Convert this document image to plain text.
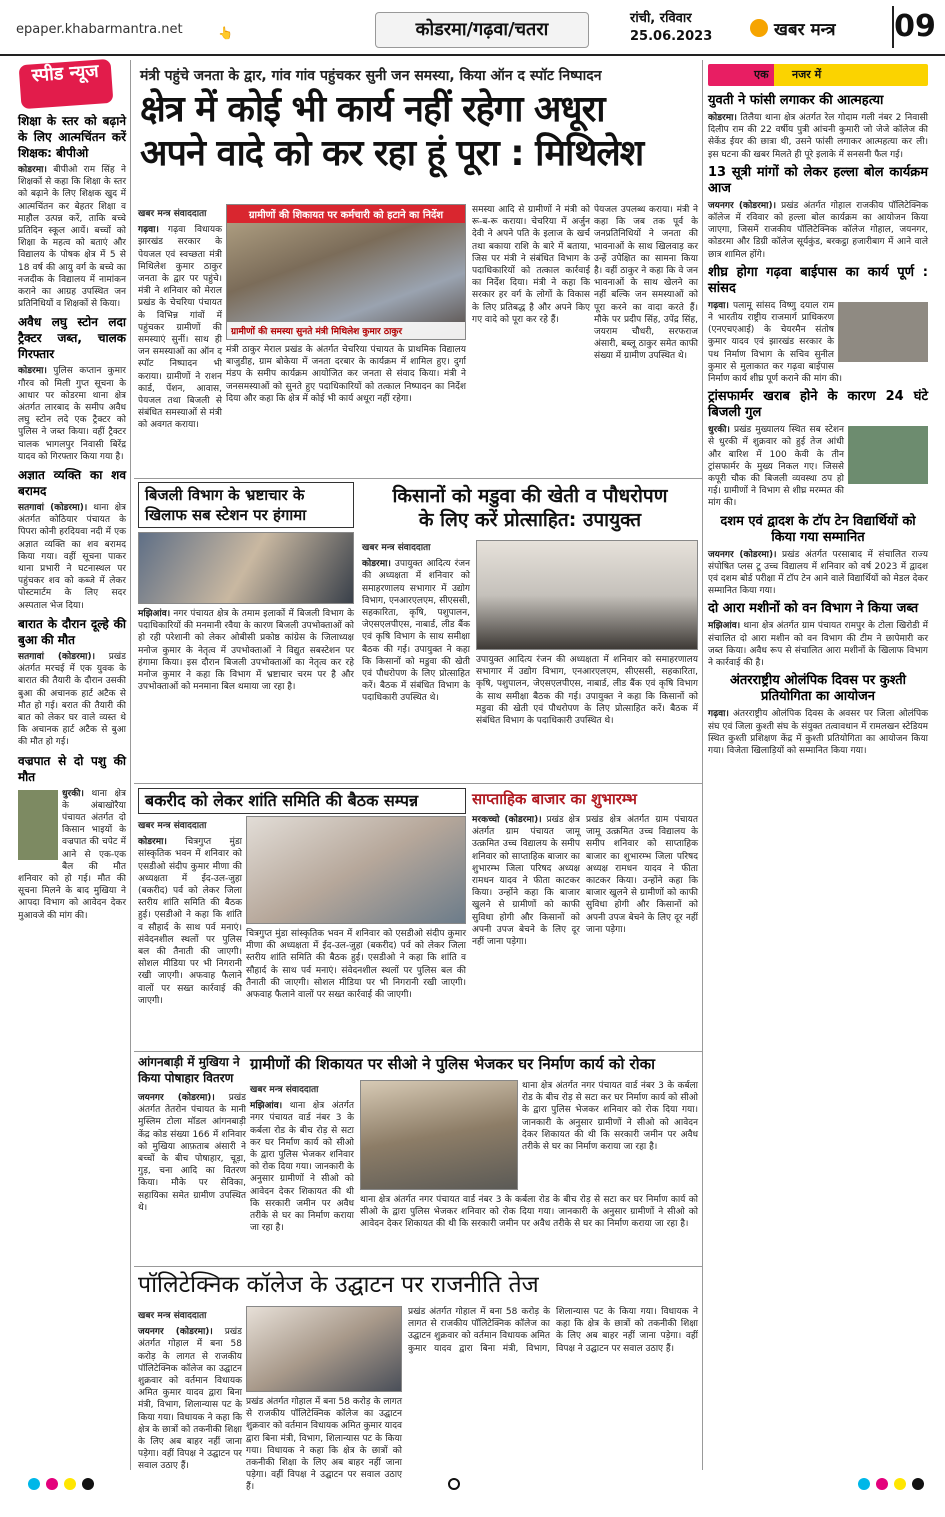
epaper.khabarmantra.net	👆	कोडरमा/गढ़वा/चतरा
रांची, रविवार
25.06.2023	खबर मन्त्र 09
स्पीड न्यूज
शिक्षा के स्तर को बढ़ाने के लिए आत्मचिंतन करें शिक्षक: बीपीओ
कोडरमा। बीपीओ राम सिंह ने शिक्षकों से कहा कि शिक्षा के स्तर को बढ़ाने के लिए शिक्षक खुद में आत्मचिंतन कर बेहतर शिक्षा व माहौल उत्पन्न करें, ताकि बच्चे प्रतिदिन स्कूल आयें। बच्चों को शिक्षा के महत्व को बताएं और विद्यालय के पोषक क्षेत्र में 5 से 18 वर्ष की आयु वर्ग के बच्चे का नजदीक के विद्यालय में नामांकन कराने का आग्रह उपस्थित जन प्रतिनिधियों व शिक्षकों से किया।
अवैध लघु स्टोन लदा ट्रैक्टर जब्त, चालक गिरफ्तार
कोडरमा। पुलिस कप्तान कुमार गौरव को मिली गुप्त सूचना के आधार पर कोडरमा थाना क्षेत्र अंतर्गत लारबाद के समीप अवैध लघु स्टोन लदे एक ट्रैक्टर को पुलिस ने जब्त किया। वहीं ट्रैक्टर चालक भागलपुर निवासी बिरेंद्र यादव को गिरफ्तार किया गया है।
अज्ञात व्यक्ति का शव बरामद
सतगावां (कोडरमा)। थाना क्षेत्र अंतर्गत कोठियार पंचायत के पिपरा कोनी हरदियवा नदी में एक अज्ञात व्यक्ति का शव बरामद किया गया। वहीं सूचना पाकर थाना प्रभारी ने घटनास्थल पर पहुंचकर शव को कब्जे में लेकर पोस्टमार्टम के लिए सदर अस्पताल भेज दिया।
बारात के दौरान दूल्हे की बुआ की मौत
सतगावां (कोडरमा)। प्रखंड अंतर्गत मरचई में एक युवक के बारात की तैयारी के दौरान उसकी बुआ की अचानक हार्ट अटैक से मौत हो गई। बरात की तैयारी की बात को लेकर घर वाले व्यस्त थे कि अचानक हार्ट अटैक से बुआ की मौत हो गई।
वज्रपात से दो पशु की मौत
धुरकी। थाना क्षेत्र के अंबाखोरैया पंचायत अंतर्गत दो किसान भाइयों के वज्रपात की चपेट में आने से एक-एक बैल की मौत शनिवार को हो गई। मौत की सूचना मिलने के बाद मुखिया ने आपदा विभाग को आवेदन देकर मुआवजे की मांग की।
मंत्री पहुंचे जनता के द्वार, गांव गांव पहुंचकर सुनी जन समस्या, किया ऑन द स्पॉट निष्पादन
क्षेत्र में कोई भी कार्य नहीं रहेगा अधूरा
अपने वादे को कर रहा हूं पूरा : मिथिलेश
खबर मन्त्र संवाददाता
गढ़वा। गढ़वा विधायक झारखंड सरकार के पेयजल एवं स्वच्छता मंत्री मिथिलेश कुमार ठाकुर जनता के द्वार पर पहुंचे। मंत्री ने शनिवार को मेराल प्रखंड के चेचरिया पंचायत के विभिन्न गांवों में पहुंचकर ग्रामीणों की समस्याएं सुनीं। साथ ही जन समस्याओं का ऑन द स्पॉट निष्पादन भी कराया। ग्रामीणों ने राशन कार्ड, पेंशन, आवास, पेयजल तथा बिजली से संबंधित समस्याओं से मंत्री को अवगत कराया।
ग्रामीणों की शिकायत पर कर्मचारी को हटाने का निर्देश
ग्रामीणों की समस्या सुनते मंत्री मिथिलेश कुमार ठाकुर
मंत्री ठाकुर मेराल प्रखंड के अंतर्गत चेचरिया पंचायत के प्राथमिक विद्यालय बाजुडीह, ग्राम बोकेया में जनता दरबार के कार्यक्रम में शामिल हुए। दुर्गा मंडप के समीप कार्यक्रम आयोजित कर जनता से संवाद किया। मंत्री ने जनसमस्याओं को सुनते हुए पदाधिकारियों को तत्काल निष्पादन का निर्देश दिया और कहा कि क्षेत्र में कोई भी कार्य अधूरा नहीं रहेगा।
समस्या आदि से ग्रामीणों ने मंत्री को रू-ब-रू कराया। चेचरिया में अर्जुन देवी ने अपने पति के इलाज के खर्च तथा बकाया राशि के बारे में बताया, जिस पर मंत्री ने संबंधित विभाग के पदाधिकारियों को तत्काल कार्रवाई का निर्देश दिया। मंत्री ने कहा कि सरकार हर वर्ग के लोगों के विकास के लिए प्रतिबद्ध है और अपने किए गए वादे को पूरा कर रहे हैं।
पेयजल उपलब्ध कराया। मंत्री ने कहा कि जब तक पूर्व के जनप्रतिनिधियों ने जनता की भावनाओं के साथ खिलवाड़ कर उन्हें उपेक्षित का सामना किया है। वहीं ठाकुर ने कहा कि वे जन भावनाओं के साथ खेलने का नहीं बल्कि जन समस्याओं को पूरा करने का वादा करते हैं। मौके पर प्रदीप सिंह, उपेंद्र सिंह, जयराम चौधरी, सरफराज अंसारी, बब्लू ठाकुर समेत काफी संख्या में ग्रामीण उपस्थित थे।
बिजली विभाग के भ्रष्टाचार के खिलाफ सब स्टेशन पर हंगामा
मझिआंव। नगर पंचायत क्षेत्र के तमाम इलाकों में बिजली विभाग के पदाधिकारियों की मनमानी रवैया के कारण बिजली उपभोक्ताओं को हो रही परेशानी को लेकर ओबीसी प्रकोष्ठ कांग्रेस के जिलाध्यक्ष मनोज कुमार के नेतृत्व में उपभोक्ताओं ने विद्युत सबस्टेशन पर हंगामा किया। इस दौरान बिजली उपभोक्ताओं का नेतृत्व कर रहे मनोज कुमार ने कहा कि विभाग में भ्रष्टाचार चरम पर है और उपभोक्ताओं को मनमाना बिल थमाया जा रहा है।
किसानों को मडुवा की खेती व पौधरोपण
के लिए करें प्रोत्साहित: उपायुक्त
खबर मन्त्र संवाददाता
कोडरमा। उपायुक्त आदित्य रंजन की अध्यक्षता में शनिवार को समाहरणालय सभागार में उद्योग विभाग, एनआरएलएम, सीएससी, सहकारिता, कृषि, पशुपालन, जेएसएलपीएस, नाबार्ड, लीड बैंक एवं कृषि विभाग के साथ समीक्षा बैठक की गई। उपायुक्त ने कहा कि किसानों को मडुवा की खेती एवं पौधरोपण के लिए प्रोत्साहित करें। बैठक में संबंधित विभाग के पदाधिकारी उपस्थित थे।
उपायुक्त आदित्य रंजन की अध्यक्षता में शनिवार को समाहरणालय सभागार में उद्योग विभाग, एनआरएलएम, सीएससी, सहकारिता, कृषि, पशुपालन, जेएसएलपीएस, नाबार्ड, लीड बैंक एवं कृषि विभाग के साथ समीक्षा बैठक की गई। उपायुक्त ने कहा कि किसानों को मडुवा की खेती एवं पौधरोपण के लिए प्रोत्साहित करें। बैठक में संबंधित विभाग के पदाधिकारी उपस्थित थे।
बकरीद को लेकर शांति समिति की बैठक सम्पन्न
खबर मन्त्र संवाददाता
कोडरमा। चित्रगुप्त मुंडा सांस्कृतिक भवन में शनिवार को एसडीओ संदीप कुमार मीणा की अध्यक्षता में ईद-उल-जुहा (बकरीद) पर्व को लेकर जिला स्तरीय शांति समिति की बैठक हुई। एसडीओ ने कहा कि शांति व सौहार्द के साथ पर्व मनाएं। संवेदनशील स्थलों पर पुलिस बल की तैनाती की जाएगी। सोशल मीडिया पर भी निगरानी रखी जाएगी। अफवाह फैलाने वालों पर सख्त कार्रवाई की जाएगी।
चित्रगुप्त मुंडा सांस्कृतिक भवन में शनिवार को एसडीओ संदीप कुमार मीणा की अध्यक्षता में ईद-उल-जुहा (बकरीद) पर्व को लेकर जिला स्तरीय शांति समिति की बैठक हुई। एसडीओ ने कहा कि शांति व सौहार्द के साथ पर्व मनाएं। संवेदनशील स्थलों पर पुलिस बल की तैनाती की जाएगी। सोशल मीडिया पर भी निगरानी रखी जाएगी। अफवाह फैलाने वालों पर सख्त कार्रवाई की जाएगी।
साप्ताहिक बाजार का शुभारम्भ
मरकच्चो (कोडरमा)। प्रखंड क्षेत्र अंतर्गत ग्राम पंचायत जामू उत्क्रमित उच्च विद्यालय के समीप शनिवार को साप्ताहिक बाजार का शुभारम्भ जिला परिषद अध्यक्ष रामधन यादव ने फीता काटकर किया। उन्होंने कहा कि बाजार खुलने से ग्रामीणों को काफी सुविधा होगी और किसानों को अपनी उपज बेचने के लिए दूर नहीं जाना पड़ेगा।
प्रखंड क्षेत्र अंतर्गत ग्राम पंचायत जामू उत्क्रमित उच्च विद्यालय के समीप शनिवार को साप्ताहिक बाजार का शुभारम्भ जिला परिषद अध्यक्ष रामधन यादव ने फीता काटकर किया। उन्होंने कहा कि बाजार खुलने से ग्रामीणों को काफी सुविधा होगी और किसानों को अपनी उपज बेचने के लिए दूर नहीं जाना पड़ेगा।
आंगनबाड़ी में मुखिया ने किया पोषाहार वितरण
जयनगर (कोडरमा)। प्रखंड अंतर्गत तेतरोन पंचायत के मानी मुस्लिम टोला मॉडल आंगनबाड़ी केंद्र कोड संख्या 166 में शनिवार को मुखिया आफ़ताब अंसारी ने बच्चों के बीच पोषाहार, चूड़ा, गुड़, चना आदि का वितरण किया। मौके पर सेविका, सहायिका समेत ग्रामीण उपस्थित थे।
ग्रामीणों की शिकायत पर सीओ ने पुलिस भेजकर घर निर्माण कार्य को रोका
खबर मन्त्र संवाददाता
मझिआंव। थाना क्षेत्र अंतर्गत नगर पंचायत वार्ड नंबर 3 के कर्बला रोड के बीच रोड़ से सटा कर घर निर्माण कार्य को सीओ के द्वारा पुलिस भेजकर शनिवार को रोक दिया गया। जानकारी के अनुसार ग्रामीणों ने सीओ को आवेदन देकर शिकायत की थी कि सरकारी जमीन पर अवैध तरीके से घर का निर्माण कराया जा रहा है।
थाना क्षेत्र अंतर्गत नगर पंचायत वार्ड नंबर 3 के कर्बला रोड के बीच रोड़ से सटा कर घर निर्माण कार्य को सीओ के द्वारा पुलिस भेजकर शनिवार को रोक दिया गया। जानकारी के अनुसार ग्रामीणों ने सीओ को आवेदन देकर शिकायत की थी कि सरकारी जमीन पर अवैध तरीके से घर का निर्माण कराया जा रहा है।
थाना क्षेत्र अंतर्गत नगर पंचायत वार्ड नंबर 3 के कर्बला रोड के बीच रोड़ से सटा कर घर निर्माण कार्य को सीओ के द्वारा पुलिस भेजकर शनिवार को रोक दिया गया। जानकारी के अनुसार ग्रामीणों ने सीओ को आवेदन देकर शिकायत की थी कि सरकारी जमीन पर अवैध तरीके से घर का निर्माण कराया जा रहा है।
पॉलिटेक्निक कॉलेज के उद्घाटन पर राजनीति तेज
खबर मन्त्र संवाददाता
जयनगर (कोडरमा)। प्रखंड अंतर्गत गोहाल में बना 58 करोड़ के लागत से राजकीय पॉलिटेक्निक कॉलेज का उद्घाटन शुक्रवार को वर्तमान विधायक अमित कुमार यादव द्वारा बिना मंत्री, विभाग, शिलान्यास पट के किया गया। विधायक ने कहा कि क्षेत्र के छात्रों को तकनीकी शिक्षा के लिए अब बाहर नहीं जाना पड़ेगा। वहीं विपक्ष ने उद्घाटन पर सवाल उठाए हैं।
प्रखंड अंतर्गत गोहाल में बना 58 करोड़ के लागत से राजकीय पॉलिटेक्निक कॉलेज का उद्घाटन शुक्रवार को वर्तमान विधायक अमित कुमार यादव द्वारा बिना मंत्री, विभाग, शिलान्यास पट के किया गया। विधायक ने कहा कि क्षेत्र के छात्रों को तकनीकी शिक्षा के लिए अब बाहर नहीं जाना पड़ेगा। वहीं विपक्ष ने उद्घाटन पर सवाल उठाए हैं।
प्रखंड अंतर्गत गोहाल में बना 58 करोड़ के लागत से राजकीय पॉलिटेक्निक कॉलेज का उद्घाटन शुक्रवार को वर्तमान विधायक अमित कुमार यादव द्वारा बिना मंत्री, विभाग, शिलान्यास पट के किया गया। विधायक ने कहा कि क्षेत्र के छात्रों को तकनीकी शिक्षा के लिए अब बाहर नहीं जाना पड़ेगा। वहीं विपक्ष ने उद्घाटन पर सवाल उठाए हैं।
एक नजर में
युवती ने फांसी लगाकर की आत्महत्या
कोडरमा। तिलैया थाना क्षेत्र अंतर्गत रेल गोदाम गली नंबर 2 निवासी दिलीप राम की 22 वर्षीय पुत्री आंचनी कुमारी जो जेजे कॉलेज की सेकेंड ईयर की छात्रा थी, उसने फांसी लगाकर आत्महत्या कर ली। इस घटना की खबर मिलते ही पूरे इलाके में सनसनी फैल गई।
13 सूत्री मांगों को लेकर हल्ला बोल कार्यक्रम आज
जयनगर (कोडरमा)। प्रखंड अंतर्गत गोहाल राजकीय पॉलिटेक्निक कॉलेज में रविवार को हल्ला बोल कार्यक्रम का आयोजन किया जाएगा, जिसमें राजकीय पॉलिटेक्निक कॉलेज गोहाल, जयनगर, कोडरमा और डिग्री कॉलेज सूर्यकुंड, बरकट्ठा हजारीबाग में आने वाले छात्र शामिल होंगे।
शीघ्र होगा गढ़वा बाईपास का कार्य पूर्ण : सांसद
गढ़वा। पलामू सांसद विष्णु दयाल राम ने भारतीय राष्ट्रीय राजमार्ग प्राधिकरण (एनएचएआई) के चेयरमैन संतोष कुमार यादव एवं झारखंड सरकार के पथ निर्माण विभाग के सचिव सुनील कुमार से मुलाकात कर गढ़वा बाईपास निर्माण कार्य शीघ्र पूर्ण कराने की मांग की।
ट्रांसफार्मर खराब होने के कारण 24 घंटे बिजली गुल
धुरकी। प्रखंड मुख्यालय स्थित सब स्टेशन से धुरकी में शुक्रवार को हुई तेज आंधी और बारिश में 100 केवी के तीन ट्रांसफार्मर के मुख्य निकल गए। जिससे कपूरी चौक की बिजली व्यवस्था ठप हो गई। ग्रामीणों ने विभाग से शीघ्र मरम्मत की मांग की।
दशम एवं द्वादश के टॉप टेन विद्यार्थियों को किया गया सम्मानित
जयनगर (कोडरमा)। प्रखंड अंतर्गत परसाबाद में संचालित राज्य संपोषित प्लस टू उच्च विद्यालय में शनिवार को वर्ष 2023 में द्वादश एवं दशम बोर्ड परीक्षा में टॉप टेन आने वाले विद्यार्थियों को मेडल देकर सम्मानित किया गया।
दो आरा मशीनों को वन विभाग ने किया जब्त
मझिआंव। थाना क्षेत्र अंतर्गत ग्राम पंचायत रामपुर के टोला खिरोडी में संचालित दो आरा मशीन को वन विभाग की टीम ने छापेमारी कर जब्त किया। अवैध रूप से संचालित आरा मशीनों के खिलाफ विभाग ने कार्रवाई की है।
अंतरराष्ट्रीय ओलंपिक दिवस पर कुश्ती प्रतियोगिता का आयोजन
गढ़वा। अंतरराष्ट्रीय ओलंपिक दिवस के अवसर पर जिला ओलंपिक संघ एवं जिला कुश्ती संघ के संयुक्त तत्वावधान में रामलखन स्टेडियम स्थित कुश्ती प्रशिक्षण केंद्र में कुश्ती प्रतियोगिता का आयोजन किया गया। विजेता खिलाड़ियों को सम्मानित किया गया।
